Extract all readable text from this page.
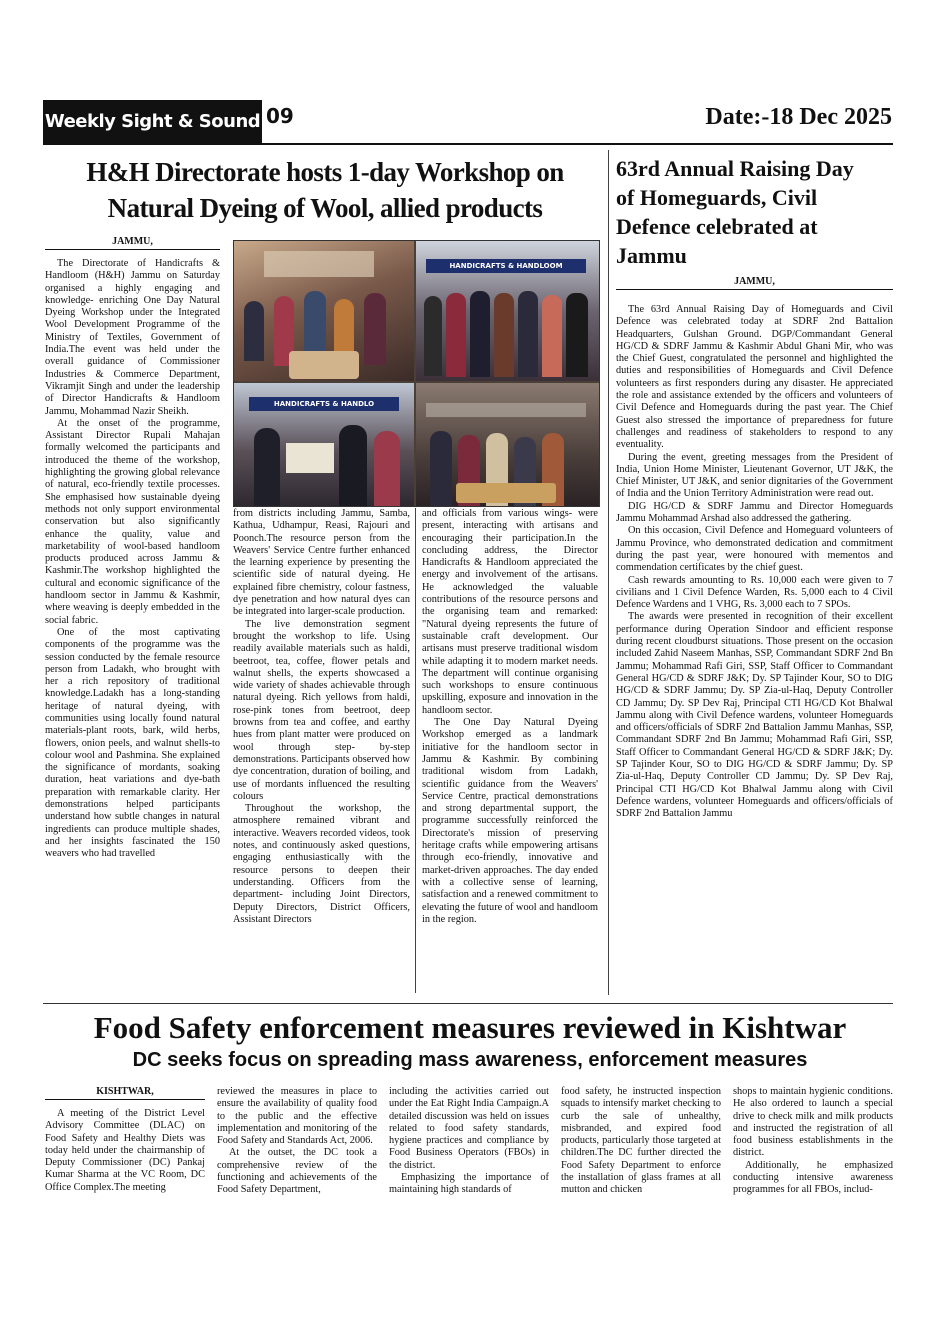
Weekly Sight & Sound 09	Date:-18 Dec 2025
H&H Directorate hosts 1-day Workshop on
Natural Dyeing of Wool, allied products
JAMMU,

The Directorate of Handicrafts & Handloom (H&H) Jammu on Saturday organised a highly engaging and knowledge- enriching One Day Natural Dyeing Workshop under the Integrated Wool Development Programme of the Ministry of Textiles, Government of India.The event was held under the overall guidance of Commissioner Industries & Commerce Department, Vikramjit Singh and under the leadership of Director Handicrafts & Handloom Jammu, Mohammad Nazir Sheikh.

At the onset of the programme, Assistant Director Rupali Mahajan formally welcomed the participants and introduced the theme of the workshop, highlighting the growing global relevance of natural, eco-friendly textile processes. She emphasised how sustainable dyeing methods not only support environmental conservation but also significantly enhance the quality, value and marketability of wool-based handloom products produced across Jammu & Kashmir.The workshop highlighted the cultural and economic significance of the handloom sector in Jammu & Kashmir, where weaving is deeply embedded in the social fabric.

One of the most captivating components of the programme was the session conducted by the female resource person from Ladakh, who brought with her a rich repository of traditional knowledge.Ladakh has a long-standing heritage of natural dyeing, with communities using locally found natural materials-plant roots, bark, wild herbs, flowers, onion peels, and walnut shells-to colour wool and Pashmina. She explained the significance of mordants, soaking duration, heat variations and dye-bath preparation with remarkable clarity. Her demonstrations helped participants understand how subtle changes in natural ingredients can produce multiple shades, and her insights fascinated the 150 weavers who had travelled

HANDICRAFTS & HANDLOOM
HANDICRAFTS & HANDLO

from districts including Jammu, Samba, Kathua, Udhampur, Reasi, Rajouri and Poonch.The resource person from the Weavers' Service Centre further enhanced the learning experience by presenting the scientific side of natural dyeing. He explained fibre chemistry, colour fastness, dye penetration and how natural dyes can be integrated into larger-scale production.

The live demonstration segment brought the workshop to life. Using readily available materials such as haldi, beetroot, tea, coffee, flower petals and walnut shells, the experts showcased a wide variety of shades achievable through natural dyeing. Rich yellows from haldi, rose-pink tones from beetroot, deep browns from tea and coffee, and earthy hues from plant matter were produced on wool through step- by-step demonstrations. Participants observed how dye concentration, duration of boiling, and use of mordants influenced the resulting colours

Throughout the workshop, the atmosphere remained vibrant and interactive. Weavers recorded videos, took notes, and continuously asked questions, engaging enthusiastically with the resource persons to deepen their understanding. Officers from the department- including Joint Directors, Deputy Directors, District Officers, Assistant Directors

and officials from various wings- were present, interacting with artisans and encouraging their participation.In the concluding address, the Director Handicrafts & Handloom appreciated the energy and involvement of the artisans. He acknowledged the valuable contributions of the resource persons and the organising team and remarked: "Natural dyeing represents the future of sustainable craft development. Our artisans must preserve traditional wisdom while adapting it to modern market needs. The department will continue organising such workshops to ensure continuous upskilling, exposure and innovation in the handloom sector.

The One Day Natural Dyeing Workshop emerged as a landmark initiative for the handloom sector in Jammu & Kashmir. By combining traditional wisdom from Ladakh, scientific guidance from the Weavers' Service Centre, practical demonstrations and strong departmental support, the programme successfully reinforced the Directorate's mission of preserving heritage crafts while empowering artisans through eco-friendly, innovative and market-driven approaches. The day ended with a collective sense of learning, satisfaction and a renewed commitment to elevating the future of wool and handloom in the region.

63rd Annual Raising Day
of Homeguards, Civil
Defence celebrated at
Jammu
JAMMU,

The 63rd Annual Raising Day of Homeguards and Civil Defence was celebrated today at SDRF 2nd Battalion Headquarters, Gulshan Ground. DGP/Commandant General HG/CD & SDRF Jammu & Kashmir Abdul Ghani Mir, who was the Chief Guest, congratulated the personnel and highlighted the duties and responsibilities of Homeguards and Civil Defence volunteers as first responders during any disaster. He appreciated the role and assistance extended by the officers and volunteers of Civil Defence and Homeguards during the past year. The Chief Guest also stressed the importance of preparedness for future challenges and readiness of stakeholders to respond to any eventuality.

During the event, greeting messages from the President of India, Union Home Minister, Lieutenant Governor, UT J&K, the Chief Minister, UT J&K, and senior dignitaries of the Government of India and the Union Territory Administration were read out.

DIG HG/CD & SDRF Jammu and Director Homeguards Jammu Mohammad Arshad also addressed the gathering.

On this occasion, Civil Defence and Homeguard volunteers of Jammu Province, who demonstrated dedication and commitment during the past year, were honoured with mementos and commendation certificates by the chief guest.

Cash rewards amounting to Rs. 10,000 each were given to 7 civilians and 1 Civil Defence Warden, Rs. 5,000 each to 4 Civil Defence Wardens and 1 VHG, Rs. 3,000 each to 7 SPOs.

The awards were presented in recognition of their excellent performance during Operation Sindoor and efficient response during recent cloudburst situations. Those present on the occasion included Zahid Naseem Manhas, SSP, Commandant SDRF 2nd Bn Jammu; Mohammad Rafi Giri, SSP, Staff Officer to Commandant General HG/CD & SDRF J&K; Dy. SP Tajinder Kour, SO to DIG HG/CD & SDRF Jammu; Dy. SP Zia-ul-Haq, Deputy Controller CD Jammu; Dy. SP Dev Raj, Principal CTI HG/CD Kot Bhalwal Jammu along with Civil Defence wardens, volunteer Homeguards and officers/officials of SDRF 2nd Battalion Jammu Manhas, SSP, Commandant SDRF 2nd Bn Jammu; Mohammad Rafi Giri, SSP, Staff Officer to Commandant General HG/CD & SDRF J&K; Dy. SP Tajinder Kour, SO to DIG HG/CD & SDRF Jammu; Dy. SP Zia-ul-Haq, Deputy Controller CD Jammu; Dy. SP Dev Raj, Principal CTI HG/CD Kot Bhalwal Jammu along with Civil Defence wardens, volunteer Homeguards and officers/officials of SDRF 2nd Battalion Jammu

Food Safety enforcement measures reviewed in Kishtwar
DC seeks focus on spreading mass awareness, enforcement measures
KISHTWAR,

A meeting of the District Level Advisory Committee (DLAC) on Food Safety and Healthy Diets was today held under the chairmanship of Deputy Commissioner (DC) Pankaj Kumar Sharma at the VC Room, DC Office Complex.The meeting

reviewed the measures in place to ensure the availability of quality food to the public and the effective implementation and monitoring of the Food Safety and Standards Act, 2006.

At the outset, the DC took a comprehensive review of the functioning and achievements of the Food Safety Department,

including the activities carried out under the Eat Right India Campaign.A detailed discussion was held on issues related to food safety standards, hygiene practices and compliance by Food Business Operators (FBOs) in the district.

Emphasizing the importance of maintaining high standards of

food safety, he instructed inspection squads to intensify market checking to curb the sale of unhealthy, misbranded, and expired food products, particularly those targeted at children.The DC further directed the Food Safety Department to enforce the installation of glass frames at all mutton and chicken

shops to maintain hygienic conditions. He also ordered to launch a special drive to check milk and milk products and instructed the registration of all food business establishments in the district.

Additionally, he emphasized conducting intensive awareness programmes for all FBOs, includ-
